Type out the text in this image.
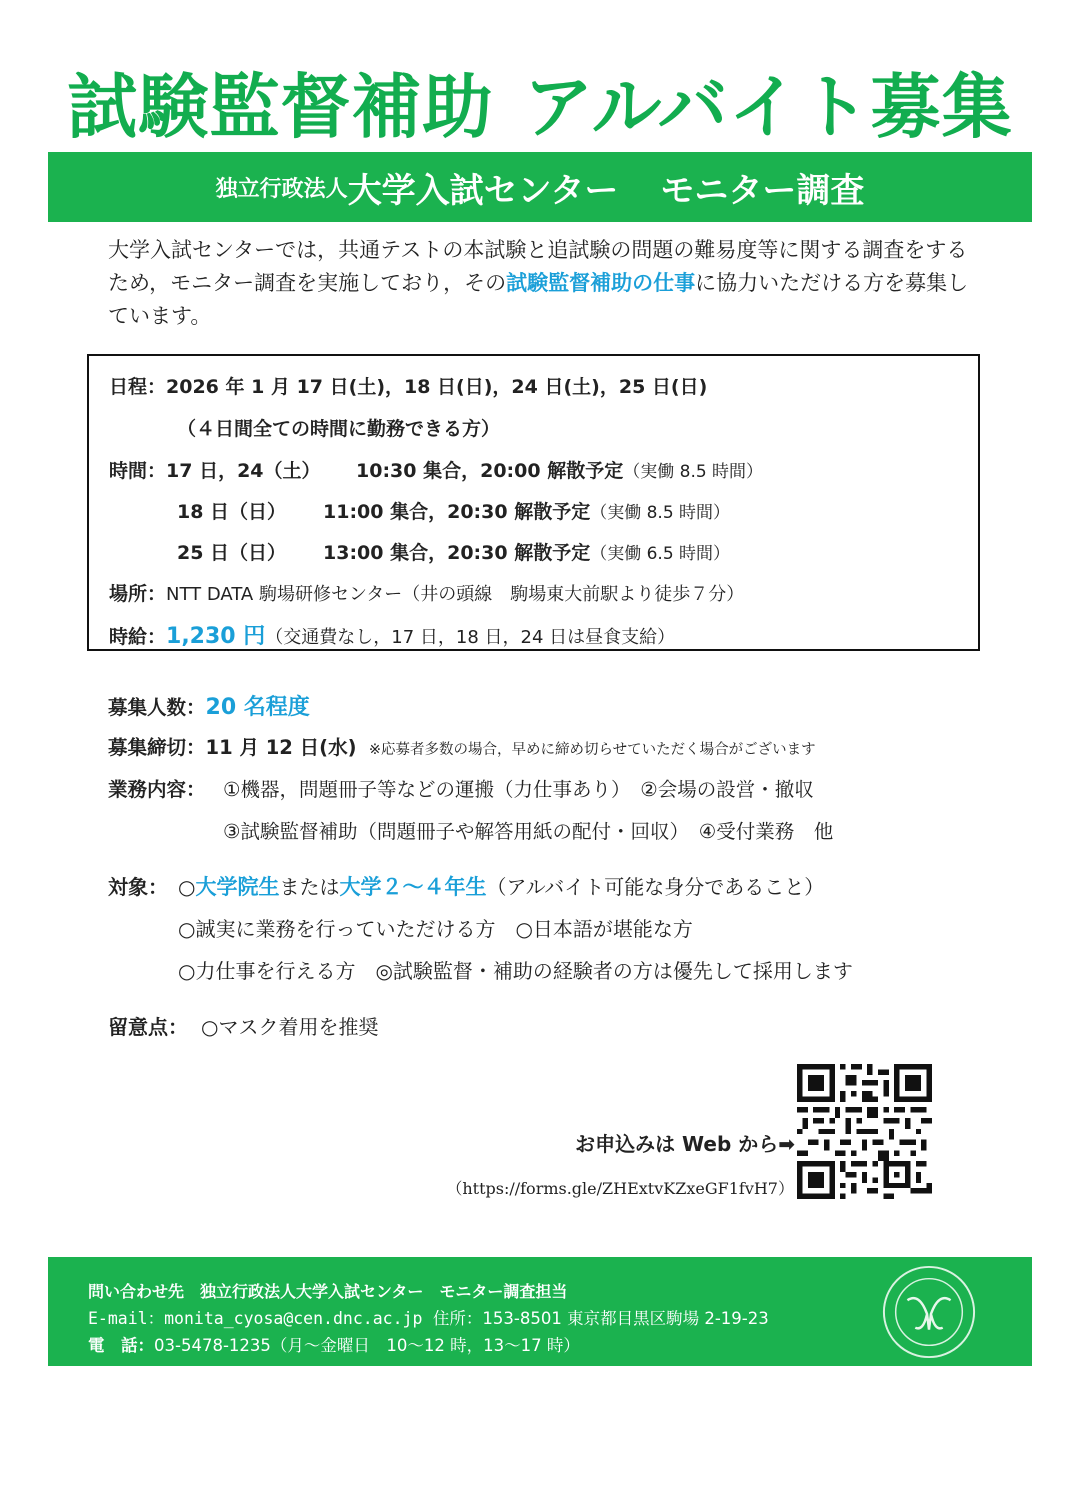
試験監督補助 アルバイト募集
独立行政法人 大学入試センター モニター調査
大学入試センターでは，共通テストの本試験と追試験の問題の難易度等に関する調査をするため，モニター調査を実施しており，その試験監督補助の仕事に協力いただける方を募集しています。
日程：2026 年 1 月 17 日(土)，18 日(日)，24 日(土)，25 日(日)
（４日間全ての時間に勤務できる方）
時間：17 日，24（土） 10:30 集合，20:00 解散予定（実働 8.5 時間）
18 日（日） 11:00 集合，20:30 解散予定（実働 8.5 時間）
25 日（日） 13:00 集合，20:30 解散予定（実働 6.5 時間）
場所：NTT DATA 駒場研修センター（井の頭線　駒場東大前駅より徒歩７分）
時給：1,230 円（交通費なし，17 日，18 日，24 日は昼食支給）
募集人数：20 名程度
募集締切：11 月 12 日(水) ※応募者多数の場合，早めに締め切らせていただく場合がございます
業務内容： ①機器，問題冊子等などの運搬（力仕事あり）　②会場の設営・撤収
③試験監督補助（問題冊子や解答用紙の配付・回収）　④受付業務　他
対象： ○大学院生または大学２～４年生（アルバイト可能な身分であること）
○誠実に業務を行っていただける方　○日本語が堪能な方
○力仕事を行える方　◎試験監督・補助の経験者の方は優先して採用します
留意点： ○マスク着用を推奨
お申込みは Web から➡
（https://forms.gle/ZHExtvKZxeGF1fvH7）
問い合わせ先　独立行政法人大学入試センター　モニター調査担当
E-mail：monita_cyosa@cen.dnc.ac.jp 住所：153-8501 東京都目黒区駒場 2-19-23
電　話：03-5478-1235（月～金曜日　10～12 時，13～17 時）
